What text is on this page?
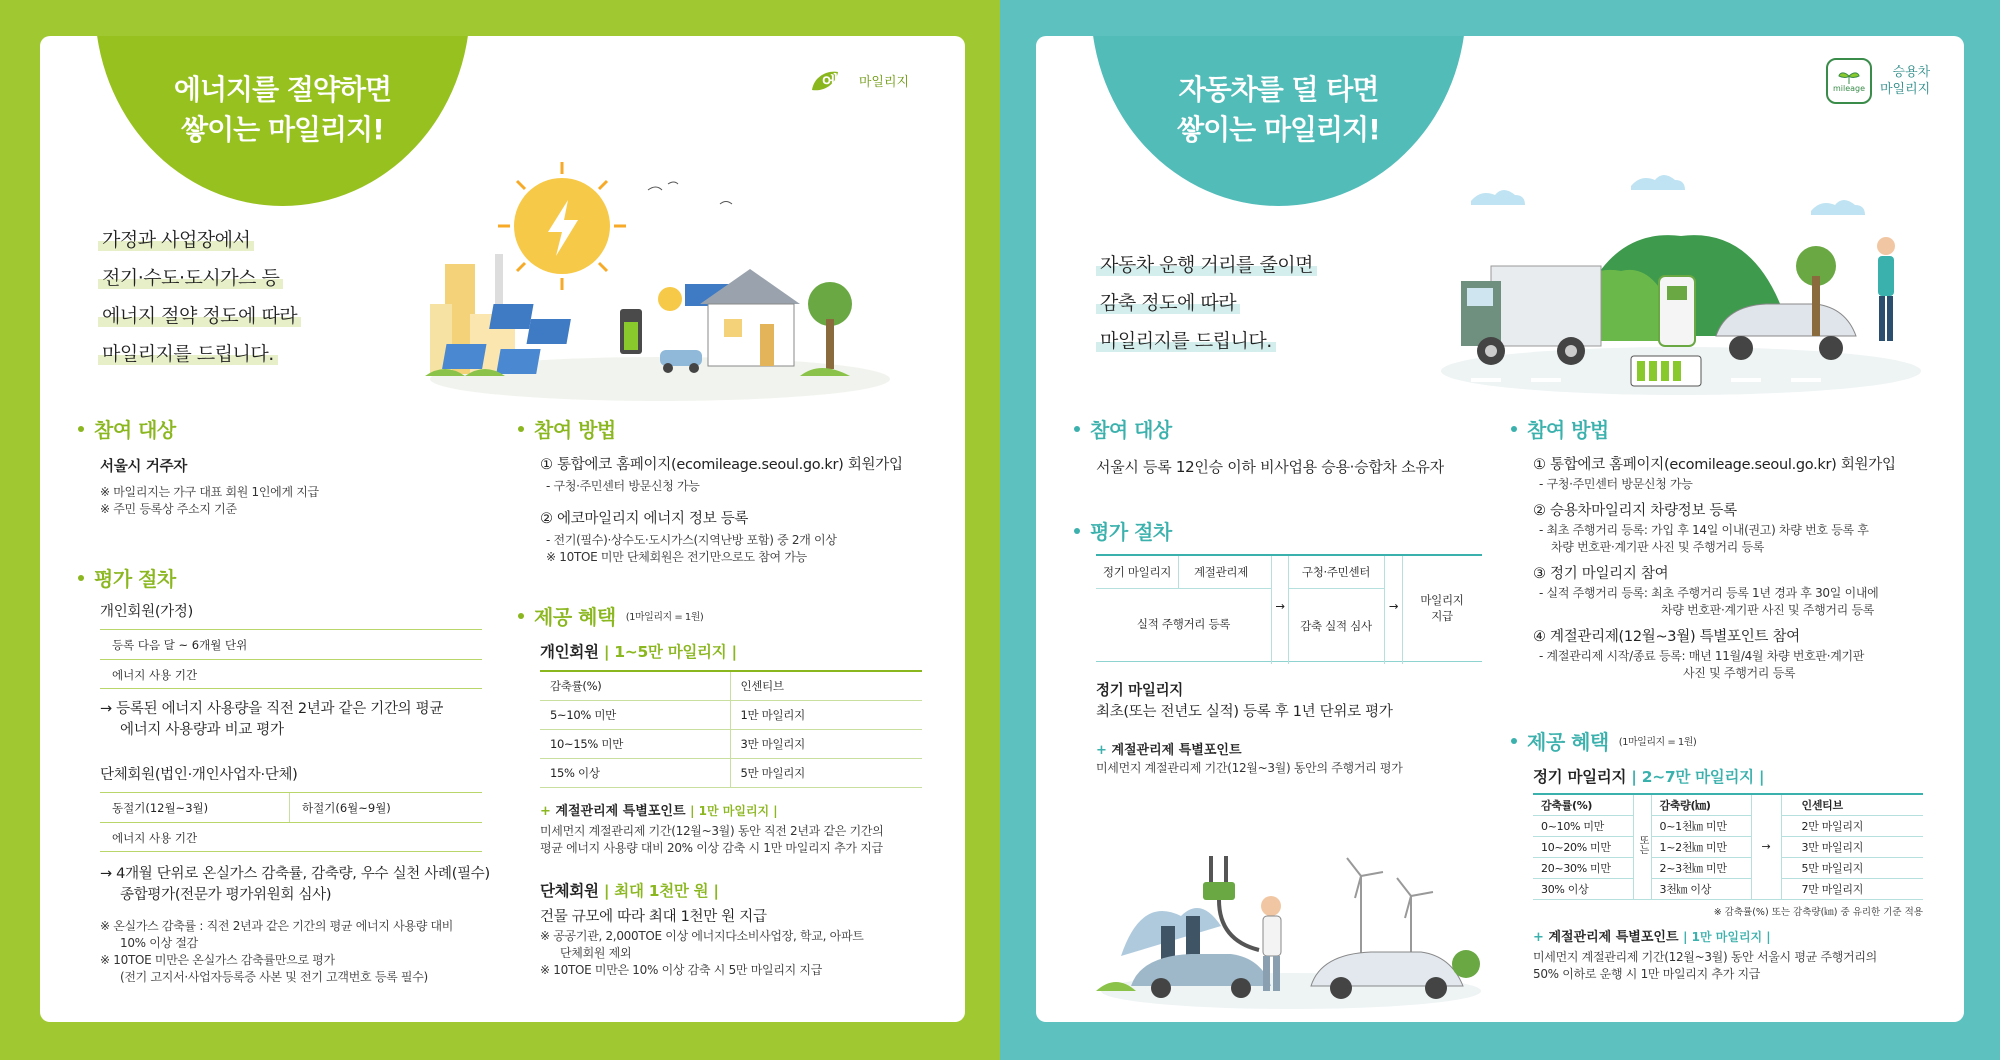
에너지를 절약하면
쌓이는 마일리지!
에코 마일리지
가정과 사업장에서
전기·수도·도시가스 등
에너지 절약 정도에 따라
마일리지를 드립니다.
참여 대상
서울시 거주자
※ 마일리지는 가구 대표 회원 1인에게 지급
※ 주민 등록상 주소지 기준
평가 절차
개인회원(가정)
등록 다음 달 ~ 6개월 단위
에너지 사용 기간
→ 등록된 에너지 사용량을 직전 2년과 같은 기간의 평균
에너지 사용량과 비교 평가
단체회원(법인·개인사업자·단체)
동절기(12월~3월)	하절기(6월~9월)
에너지 사용 기간
→ 4개월 단위로 온실가스 감축률, 감축량, 우수 실천 사례(필수)
종합평가(전문가 평가위원회 심사)
※ 온실가스 감축률 : 직전 2년과 같은 기간의 평균 에너지 사용량 대비
10% 이상 절감
※ 10TOE 미만은 온실가스 감축률만으로 평가
(전기 고지서·사업자등록증 사본 및 전기 고객번호 등록 필수)
참여 방법
① 통합에코 홈페이지(ecomileage.seoul.go.kr) 회원가입
- 구청·주민센터 방문신청 가능
② 에코마일리지 에너지 정보 등록
- 전기(필수)·상수도·도시가스(지역난방 포함) 중 2개 이상
※ 10TOE 미만 단체회원은 전기만으로도 참여 가능
제공 혜택 (1마일리지 = 1원)
개인회원 | 1~5만 마일리지 |
감축률(%)	인센티브
5~10% 미만	1만 마일리지
10~15% 미만	3만 마일리지
15% 이상	5만 마일리지
+ 계절관리제 특별포인트 | 1만 마일리지 |
미세먼지 계절관리제 기간(12월~3월) 동안 직전 2년과 같은 기간의
평균 에너지 사용량 대비 20% 이상 감축 시 1만 마일리지 추가 지급
단체회원 | 최대 1천만 원 |
건물 규모에 따라 최대 1천만 원 지급
※ 공공기관, 2,000TOE 이상 에너지다소비사업장, 학교, 아파트
단체회원 제외
※ 10TOE 미만은 10% 이상 감축 시 5만 마일리지 지급
자동차를 덜 타면
쌓이는 마일리지!
mileage
승용차
마일리지
자동차 운행 거리를 줄이면
감축 정도에 따라
마일리지를 드립니다.
참여 대상
서울시 등록 12인승 이하 비사업용 승용·승합차 소유자
평가 절차
정기 마일리지	계절관리제	구청·주민센터
실적 주행거리 등록
→
감축 실적 심사
→	마일리지
지급
정기 마일리지
최초(또는 전년도 실적) 등록 후 1년 단위로 평가
+ 계절관리제 특별포인트
미세먼지 계절관리제 기간(12월~3월) 동안의 주행거리 평가
참여 방법
① 통합에코 홈페이지(ecomileage.seoul.go.kr) 회원가입
- 구청·주민센터 방문신청 가능
② 승용차마일리지 차량정보 등록
- 최초 주행거리 등록: 가입 후 14일 이내(권고) 차량 번호 등록 후
차량 번호판·계기판 사진 및 주행거리 등록
③ 정기 마일리지 참여
- 실적 주행거리 등록: 최초 주행거리 등록 1년 경과 후 30일 이내에
차량 번호판·계기판 사진 및 주행거리 등록
④ 계절관리제(12월~3월) 특별포인트 참여
- 계절관리제 시작/종료 등록: 매년 11월/4월 차량 번호판·계기판
사진 및 주행거리 등록
제공 혜택 (1마일리지 = 1원)
정기 마일리지 | 2~7만 마일리지 |
감축률(%)	또는	감축량(㎞)	→	인센티브
0~10% 미만		0~1천㎞ 미만		2만 마일리지
10~20% 미만		1~2천㎞ 미만		3만 마일리지
20~30% 미만		2~3천㎞ 미만		5만 마일리지
30% 이상		3천㎞ 이상		7만 마일리지
※ 감축률(%) 또는 감축량(㎞) 중 유리한 기준 적용
+ 계절관리제 특별포인트 | 1만 마일리지 |
미세먼지 계절관리제 기간(12월~3월) 동안 서울시 평균 주행거리의
50% 이하로 운행 시 1만 마일리지 추가 지급
